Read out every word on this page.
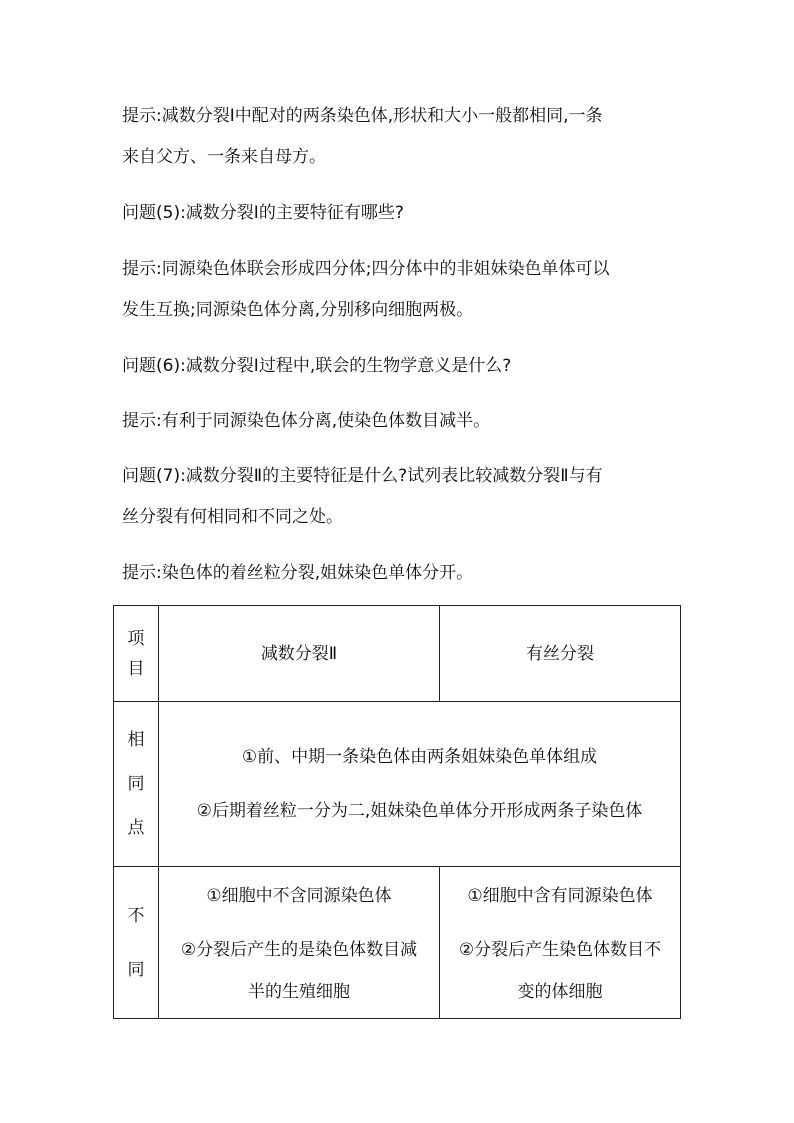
提示:减数分裂Ⅰ中配对的两条染色体,形状和大小一般都相同,一条
来自父方、一条来自母方。

问题(5):减数分裂Ⅰ的主要特征有哪些?

提示:同源染色体联会形成四分体;四分体中的非姐妹染色单体可以
发生互换;同源染色体分离,分别移向细胞两极。

问题(6):减数分裂Ⅰ过程中,联会的生物学意义是什么?

提示:有利于同源染色体分离,使染色体数目减半。

问题(7):减数分裂Ⅱ的主要特征是什么?试列表比较减数分裂Ⅱ与有
丝分裂有何相同和不同之处。

提示:染色体的着丝粒分裂,姐妹染色单体分开。

项
目	减数分裂Ⅱ	有丝分裂

相
同
点	①前、中期一条染色体由两条姐妹染色单体组成
②后期着丝粒一分为二,姐妹染色单体分开形成两条子染色体	

不
同	①细胞中不含同源染色体
②分裂后产生的是染色体数目减
半的生殖细胞	①细胞中含有同源染色体
②分裂后产生染色体数目不
变的体细胞
